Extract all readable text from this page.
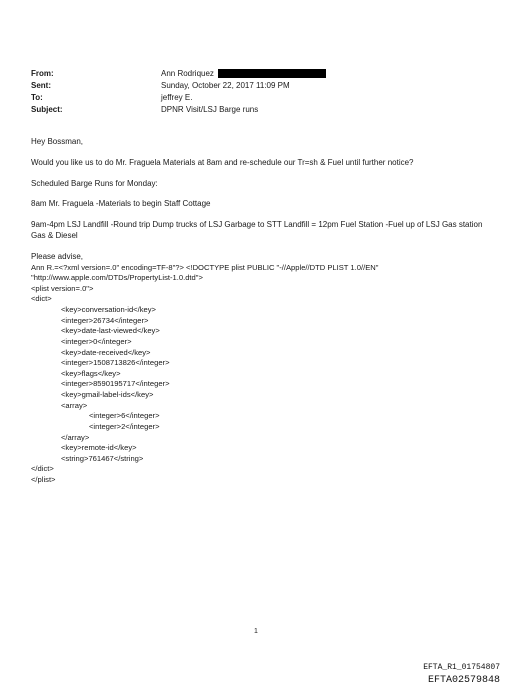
From:	Ann Rodriquez
Sent:	Sunday, October 22, 2017 11:09 PM
To:	jeffrey E.
Subject:	DPNR Visit/LSJ Barge runs

Hey Bossman,

Would you like us to do Mr. Fraguela Materials at 8am and re-schedule our Tr=sh & Fuel until further notice?

Scheduled Barge Runs for Monday:

8am Mr. Fraguela -Materials to begin Staff Cottage

9am-4pm LSJ Landfill -Round trip Dump trucks of LSJ Garbage to STT Landfill = 12pm Fuel Station -Fuel up of LSJ Gas station Gas & Diesel

Please advise,

Ann R.=<?xml version=.0" encoding=TF-8"?> <!DOCTYPE plist PUBLIC "-//Apple//DTD PLIST 1.0//EN"
"http://www.apple.com/DTDs/PropertyList-1.0.dtd">
<plist version=.0">
<dict>
<key>conversation-id</key>
<integer>26734</integer>
<key>date-last-viewed</key>
<integer>0</integer>
<key>date-received</key>
<integer>1508713826</integer>
<key>flags</key>
<integer>8590195717</integer>
<key>gmail-label-ids</key>
<array>
<integer>6</integer>
<integer>2</integer>
</array>
<key>remote-id</key>
<string>761467</string>
</dict>
</plist>
1
EFTA_R1_01754807
EFTA02579848
